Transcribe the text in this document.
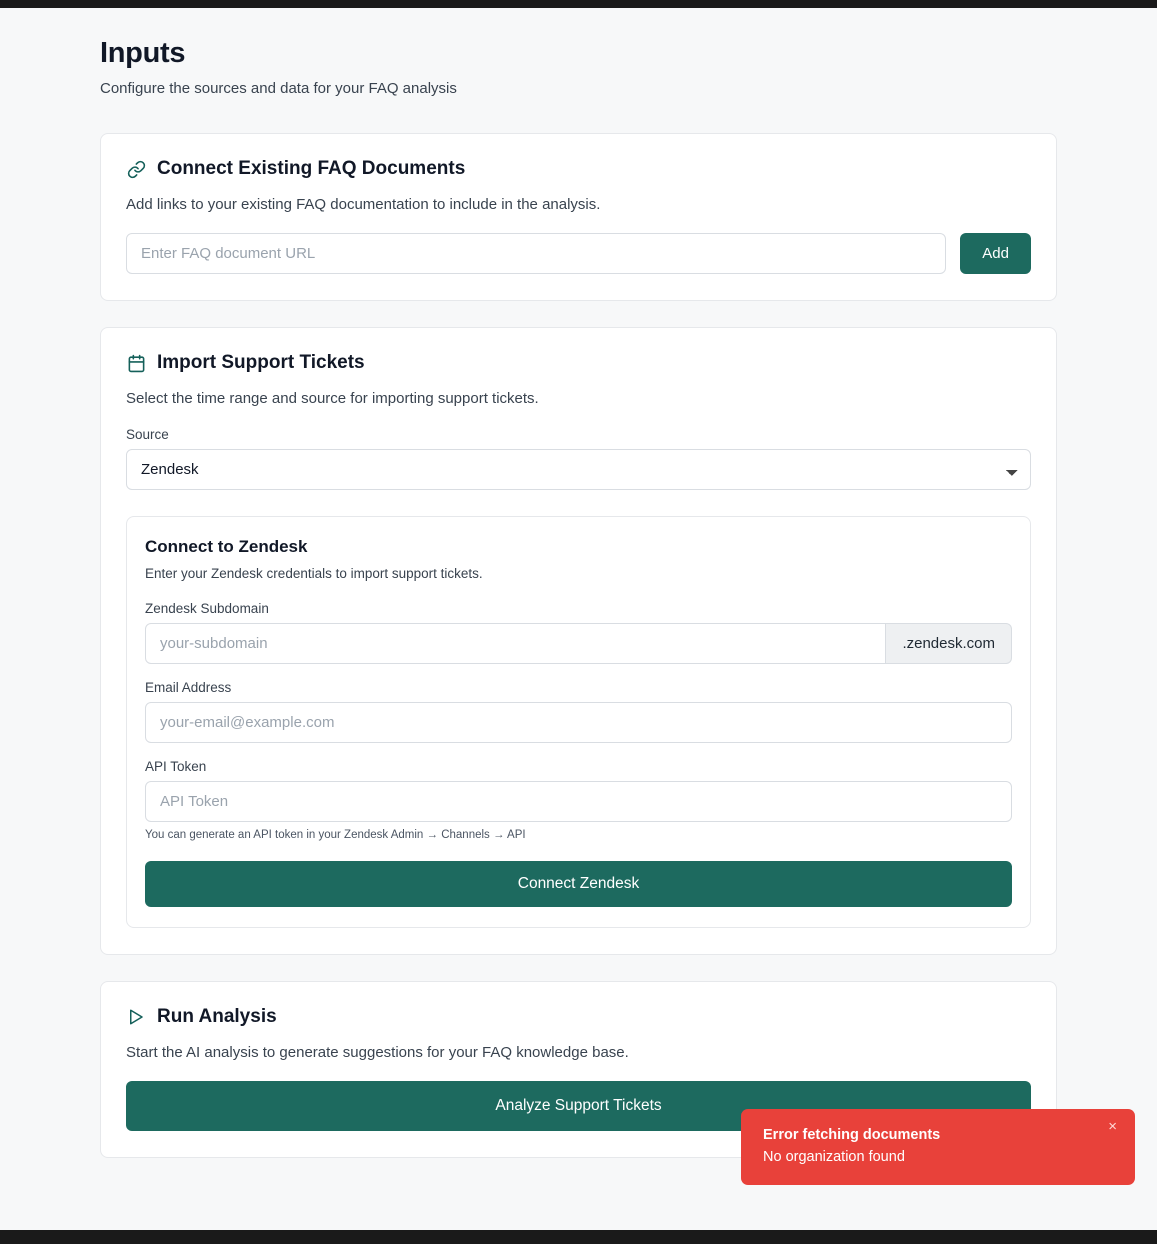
Inputs

Configure the sources and data for your FAQ analysis

Connect Existing FAQ Documents

Add links to your existing FAQ documentation to include in the analysis.

Enter FAQ document URL
Add
Import Support Tickets

Select the time range and source for importing support tickets.

Source
Zendesk
Connect to Zendesk
Enter your Zendesk credentials to import support tickets.
Zendesk Subdomain
your-subdomain
.zendesk.com
Email Address
your-email@example.com
API Token
API Token

You can generate an API token in your Zendesk Admin → Channels → API

Connect Zendesk
Run Analysis

Start the AI analysis to generate suggestions for your FAQ knowledge base.

Analyze Support Tickets
×

Error fetching documents

No organization found
